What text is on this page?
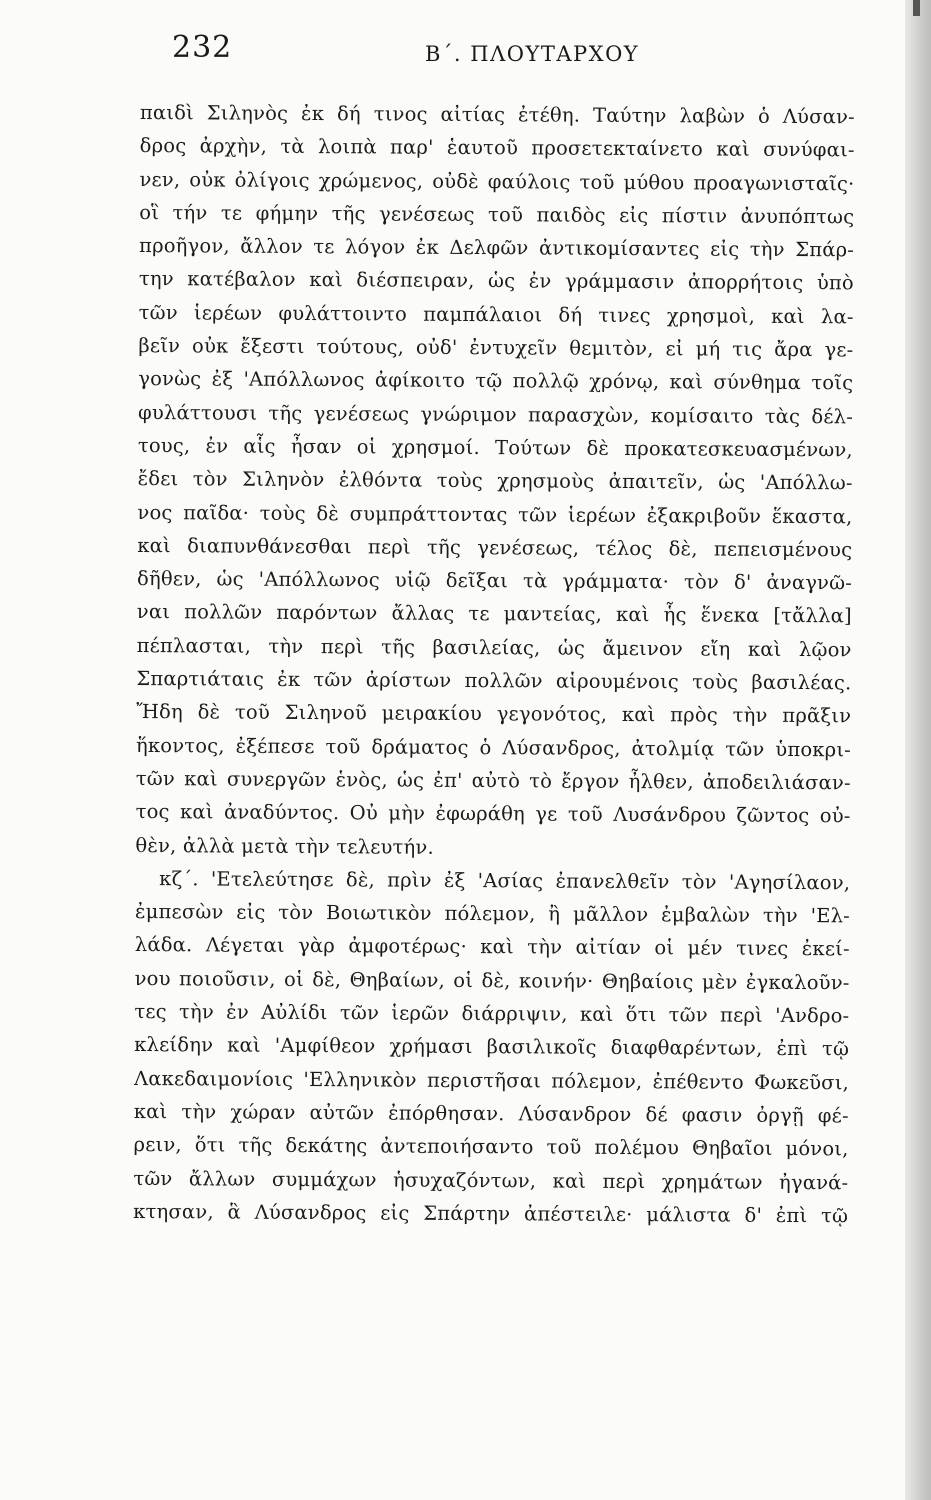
232	Β΄. ΠΛΟΥΤΑΡΧΟΥ
παιδὶ Σιληνὸς ἐκ δή τινος αἰτίας ἐτέθη. Ταύτην λαβὼν ὁ Λύσαν-
δρος ἀρχὴν, τὰ λοιπὰ παρ' ἑαυτοῦ προσετεκταίνετο καὶ συνύφαι-
νεν, οὐκ ὀλίγοις χρώμενος, οὐδὲ φαύλοις τοῦ μύθου προαγωνισταῖς·
οἳ τήν τε φήμην τῆς γενέσεως τοῦ παιδὸς εἰς πίστιν ἀνυπόπτως
προῆγον, ἄλλον τε λόγον ἐκ Δελφῶν ἀντικομίσαντες εἰς τὴν Σπάρ-
την κατέβαλον καὶ διέσπειραν, ὡς ἐν γράμμασιν ἀπορρήτοις ὑπὸ
τῶν ἱερέων φυλάττοιντο παμπάλαιοι δή τινες χρησμοὶ, καὶ λα-
βεῖν οὐκ ἔξεστι τούτους, οὐδ' ἐντυχεῖν θεμιτὸν, εἰ μή τις ἄρα γε-
γονὼς ἐξ 'Απόλλωνος ἀφίκοιτο τῷ πολλῷ χρόνῳ, καὶ σύνθημα τοῖς
φυλάττουσι τῆς γενέσεως γνώριμον παρασχὼν, κομίσαιτο τὰς δέλ-
τους, ἐν αἷς ἦσαν οἱ χρησμοί. Τούτων δὲ προκατεσκευασμένων,
ἔδει τὸν Σιληνὸν ἐλθόντα τοὺς χρησμοὺς ἀπαιτεῖν, ὡς 'Απόλλω-
νος παῖδα· τοὺς δὲ συμπράττοντας τῶν ἱερέων ἐξακριβοῦν ἕκαστα,
καὶ διαπυνθάνεσθαι περὶ τῆς γενέσεως, τέλος δὲ, πεπεισμένους
δῆθεν, ὡς 'Απόλλωνος υἱῷ δεῖξαι τὰ γράμματα· τὸν δ' ἀναγνῶ-
ναι πολλῶν παρόντων ἄλλας τε μαντείας, καὶ ἧς ἕνεκα [τἄλλα]
πέπλασται, τὴν περὶ τῆς βασιλείας, ὡς ἄμεινον εἴη καὶ λῷον
Σπαρτιάταις ἐκ τῶν ἀρίστων πολλῶν αἱρουμένοις τοὺς βασιλέας.
Ἤδη δὲ τοῦ Σιληνοῦ μειρακίου γεγονότος, καὶ πρὸς τὴν πρᾶξιν
ἥκοντος, ἐξέπεσε τοῦ δράματος ὁ Λύσανδρος, ἀτολμίᾳ τῶν ὑποκρι-
τῶν καὶ συνεργῶν ἑνὸς, ὡς ἐπ' αὐτὸ τὸ ἔργον ἦλθεν, ἀποδειλιάσαν-
τος καὶ ἀναδύντος. Οὐ μὴν ἐφωράθη γε τοῦ Λυσάνδρου ζῶντος οὐ-
θὲν, ἀλλὰ μετὰ τὴν τελευτήν.
κζ΄. 'Ετελεύτησε δὲ, πρὶν ἐξ 'Ασίας ἐπανελθεῖν τὸν 'Αγησίλαον,
ἐμπεσὼν εἰς τὸν Βοιωτικὸν πόλεμον, ἢ μᾶλλον ἐμβαλὼν τὴν 'Ελ-
λάδα. Λέγεται γὰρ ἀμφοτέρως· καὶ τὴν αἰτίαν οἱ μέν τινες ἐκεί-
νου ποιοῦσιν, οἱ δὲ, Θηβαίων, οἱ δὲ, κοινήν· Θηβαίοις μὲν ἐγκαλοῦν-
τες τὴν ἐν Αὐλίδι τῶν ἱερῶν διάρριψιν, καὶ ὅτι τῶν περὶ 'Ανδρο-
κλείδην καὶ 'Αμφίθεον χρήμασι βασιλικοῖς διαφθαρέντων, ἐπὶ τῷ
Λακεδαιμονίοις 'Ελληνικὸν περιστῆσαι πόλεμον, ἐπέθεντο Φωκεῦσι,
καὶ τὴν χώραν αὐτῶν ἐπόρθησαν. Λύσανδρον δέ φασιν ὀργῇ φέ-
ρειν, ὅτι τῆς δεκάτης ἀντεποιήσαντο τοῦ πολέμου Θηβαῖοι μόνοι,
τῶν ἄλλων συμμάχων ἡσυχαζόντων, καὶ περὶ χρημάτων ἠγανά-
κτησαν, ἃ Λύσανδρος εἰς Σπάρτην ἀπέστειλε· μάλιστα δ' ἐπὶ τῷ
